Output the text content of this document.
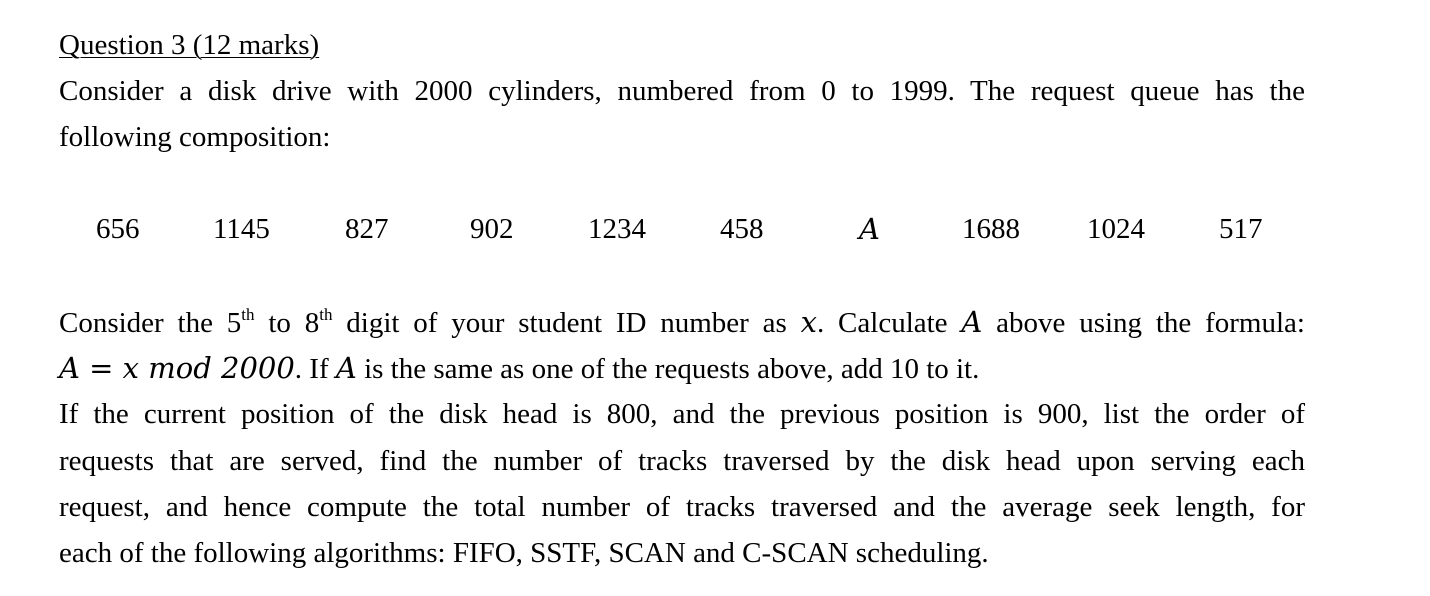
Question 3 (12 marks)
Consider a disk drive with 2000 cylinders, numbered from 0 to 1999. The request queue has the
following composition:
656	1145	827	902	1234	458	A	1688 1024	517
Consider the 5th to 8th digit of your student ID number as x. Calculate A above using the formula:
A = x mod 2000. If A is the same as one of the requests above, add 10 to it.
If the current position of the disk head is 800, and the previous position is 900, list the order of
requests that are served, find the number of tracks traversed by the disk head upon serving each
request, and hence compute the total number of tracks traversed and the average seek length, for
each of the following algorithms: FIFO, SSTF, SCAN and C-SCAN scheduling.
